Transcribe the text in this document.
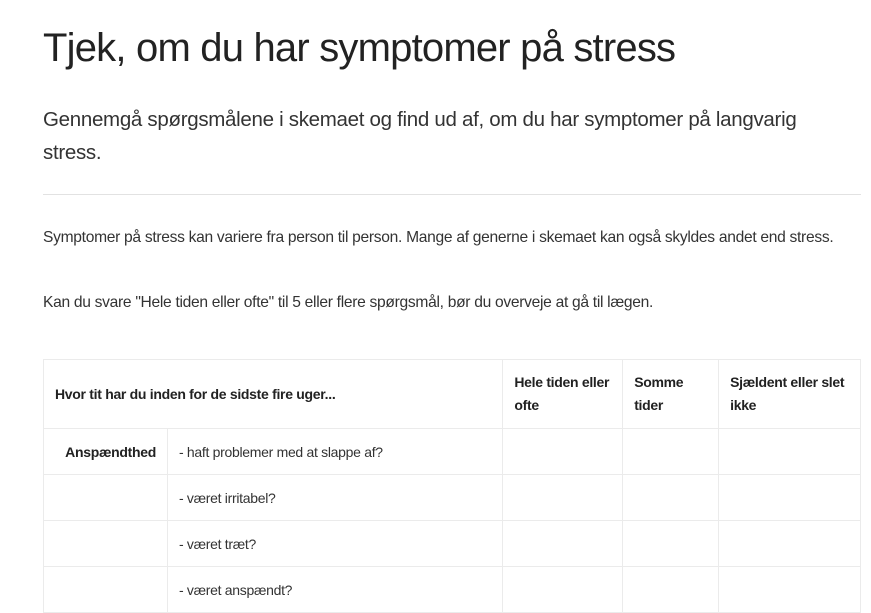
Tjek, om du har symptomer på stress

Gennemgå spørgsmålene i skemaet og find ud af, om du har symptomer på langvarig stress.

Symptomer på stress kan variere fra person til person. Mange af generne i skemaet kan også skyldes andet end stress.

Kan du svare "Hele tiden eller ofte" til 5 eller flere spørgsmål, bør du overveje at gå til lægen.

Hvor tit har du inden for de sidste fire uger...		Hele tiden eller ofte	Somme tider	Sjældent eller slet ikke
Anspændthed	- haft problemer med at slappe af?			
	- været irritabel?			
	- været træt?			
	- været anspændt?			
